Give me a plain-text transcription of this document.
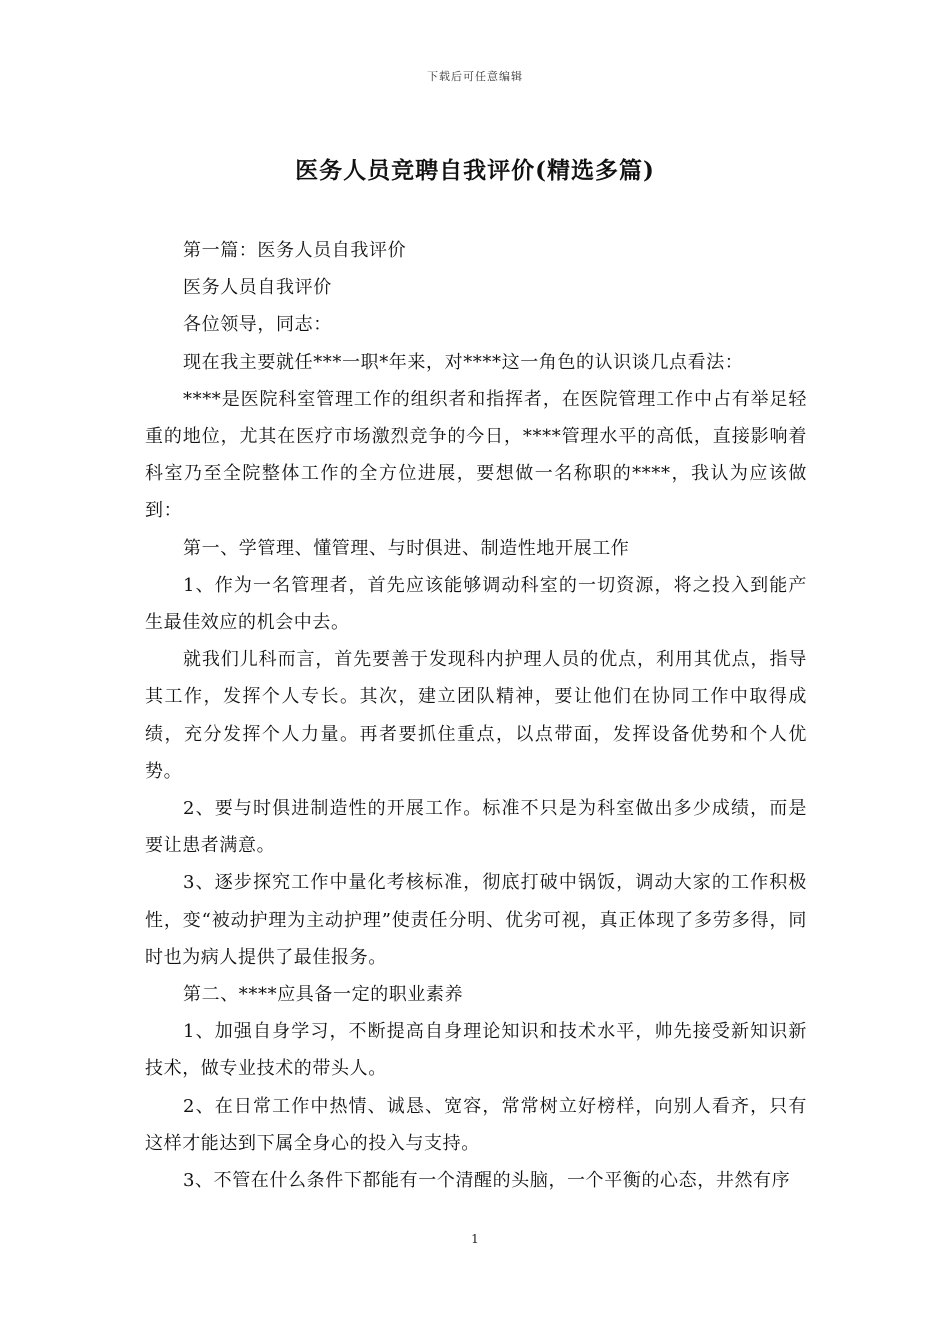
下载后可任意编辑
医务人员竞聘自我评价(精选多篇)

第一篇：医务人员自我评价

医务人员自我评价

各位领导，同志：

现在我主要就任***一职*年来，对****这一角色的认识谈几点看法：

****是医院科室管理工作的组织者和指挥者，在医院管理工作中占有举足轻重的地位，尤其在医疗市场激烈竞争的今日，****管理水平的高低，直接影响着科室乃至全院整体工作的全方位进展，要想做一名称职的****，我认为应该做到：

第一、学管理、懂管理、与时俱进、制造性地开展工作

1、作为一名管理者，首先应该能够调动科室的一切资源，将之投入到能产生最佳效应的机会中去。

就我们儿科而言，首先要善于发现科内护理人员的优点，利用其优点，指导其工作，发挥个人专长。其次，建立团队精神，要让他们在协同工作中取得成绩，充分发挥个人力量。再者要抓住重点，以点带面，发挥设备优势和个人优势。

2、要与时俱进制造性的开展工作。标准不只是为科室做出多少成绩，而是要让患者满意。

3、逐步探究工作中量化考核标准，彻底打破中锅饭，调动大家的工作积极性，变“被动护理为主动护理”使责任分明、优劣可视，真正体现了多劳多得，同时也为病人提供了最佳报务。

第二、****应具备一定的职业素养

1、加强自身学习，不断提高自身理论知识和技术水平，帅先接受新知识新技术，做专业技术的带头人。

2、在日常工作中热情、诚恳、宽容，常常树立好榜样，向别人看齐，只有这样才能达到下属全身心的投入与支持。

3、不管在什么条件下都能有一个清醒的头脑，一个平衡的心态，井然有序

1
